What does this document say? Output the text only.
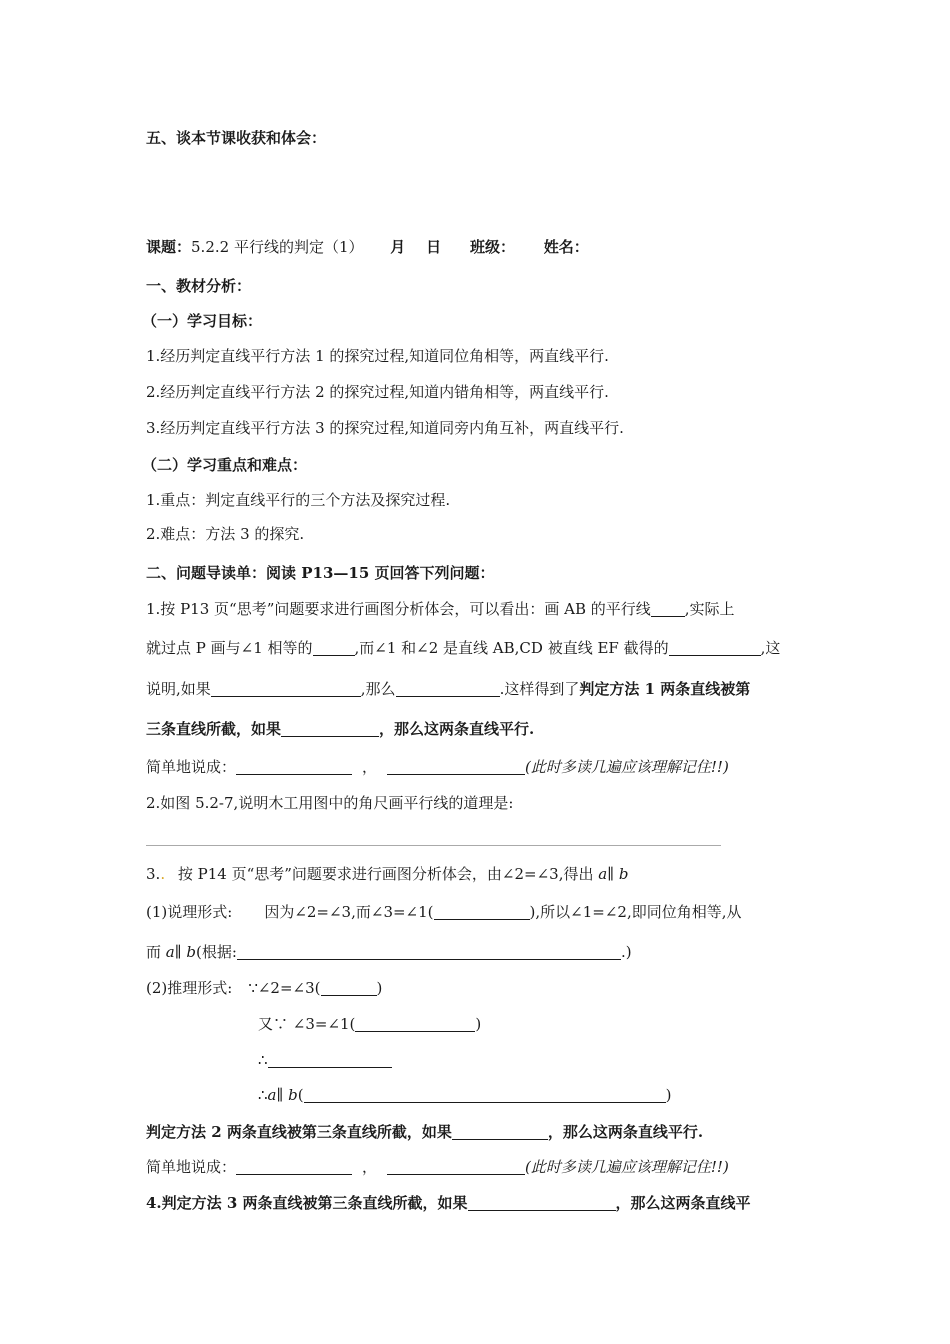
五、谈本节课收获和体会：
课题：5.2.2 平行线的判定（1） 月    日 班级： 姓名：
一、教材分析：
（一）学习目标：
1.经历判定直线平行方法 1 的探究过程,知道同位角相等，两直线平行.
2.经历判定直线平行方法 2 的探究过程,知道内错角相等，两直线平行.
3.经历判定直线平行方法 3 的探究过程,知道同旁内角互补，两直线平行.
（二）学习重点和难点：
1.重点：判定直线平行的三个方法及探究过程.
2.难点：方法 3 的探究.
二、问题导读单：阅读 P13—15 页回答下列问题：
1.按 P13 页“思考”问题要求进行画图分析体会，可以看出：画 AB 的平行线 ,实际上
就过点 P 画与∠1 相等的	,而∠1 和∠2 是直线 AB,CD 被直线 EF 截得的	,这
说明,如果	,那么	.这样得到了判定方法 1 两条直线被第
三条直线所截，如果	，那么这两条直线平行.
简单地说成：	，	(此时多读几遍应该理解记住!!)
2.如图 5.2-7,说明木工用图中的角尺画平行线的道理是:
3.. 按 P14 页“思考”问题要求进行画图分析体会，由∠2=∠3,得出 a∥ b
(1)说理形式: 因为∠2=∠3,而∠3=∠1(	),所以∠1=∠2,即同位角相等,从
而 a∥ b(根据:	.)
(2)推理形式: ∵∠2=∠3(	)
又∵ ∠3=∠1(	)
∴
∴a∥ b(	)
判定方法 2 两条直线被第三条直线所截，如果	，那么这两条直线平行.
简单地说成：	，	(此时多读几遍应该理解记住!!)
4.判定方法 3 两条直线被第三条直线所截，如果	，那么这两条直线平
